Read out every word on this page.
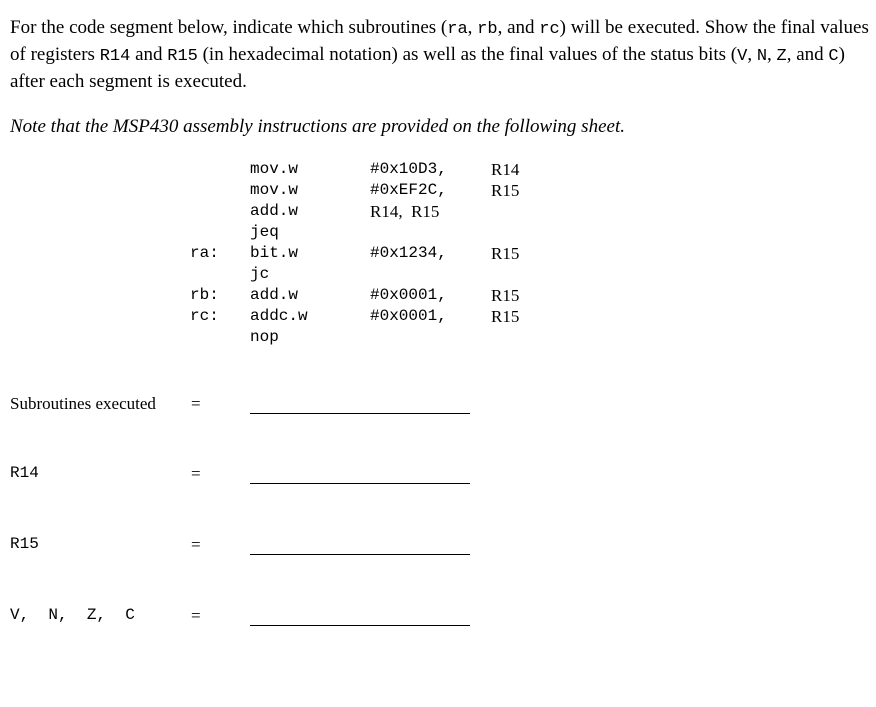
For the code segment below, indicate which subroutines (ra, rb, and rc) will be executed. Show the final values of registers R14 and R15 (in hexadecimal notation) as well as the final values of the status bits (V, N, Z, and C) after each segment is executed.
Note that the MSP430 assembly instructions are provided on the following sheet.
mov.w	#0x10D3,	R14
mov.w	#0xEF2C,	R15
add.w	R14,  R15
jeq
ra: bit.w	#0x1234,	R15
jc
rb: add.w	#0x0001,	R15
rc: addc.w	#0x0001,	R15
nop
Subroutines executed =
R14	=
R15	=
V,  N,  Z,  C	=
